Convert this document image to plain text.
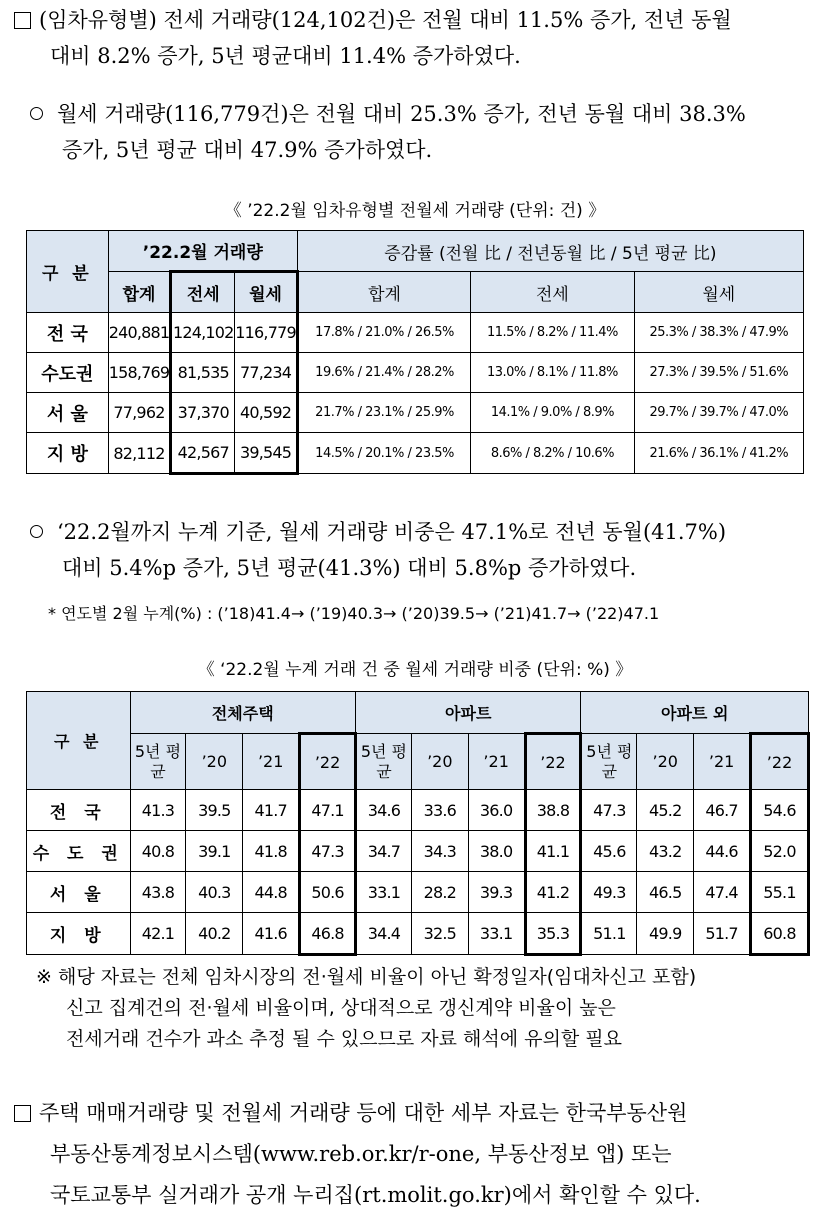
(임차유형별) 전세 거래량(124,102건)은 전월 대비 11.5% 증가, 전년 동월
대비 8.2% 증가, 5년 평균대비 11.4% 증가하였다.
월세 거래량(116,779건)은 전월 대비 25.3% 증가, 전년 동월 대비 38.3%
증가, 5년 평균 대비 47.9% 증가하였다.
《 ’22.2월 임차유형별 전월세 거래량 (단위: 건) 》
구 분	’22.2월 거래량			증감률 (전월 比 / 전년동월 比 / 5년 평균 比)		
	합계	전세	월세	합계	전세	월세
전 국	240,881	124,102	116,779	17.8% / 21.0% / 26.5%	11.5% / 8.2% / 11.4%	25.3% / 38.3% / 47.9%
수도권	158,769	81,535	77,234	19.6% / 21.4% / 28.2%	13.0% / 8.1% / 11.8%	27.3% / 39.5% / 51.6%
서 울	77,962	37,370	40,592	21.7% / 23.1% / 25.9%	14.1% / 9.0% / 8.9%	29.7% / 39.7% / 47.0%
지 방	82,112	42,567	39,545	14.5% / 20.1% / 23.5%	8.6% / 8.2% / 10.6%	21.6% / 36.1% / 41.2%
‘22.2월까지 누계 기준, 월세 거래량 비중은 47.1%로 전년 동월(41.7%)
대비 5.4%p 증가, 5년 평균(41.3%) 대비 5.8%p 증가하였다.
* 연도별 2월 누계(%) : (’18)41.4→ (’19)40.3→ (’20)39.5→ (’21)41.7→ (’22)47.1
《 ‘22.2월 누계 거래 건 중 월세 거래량 비중 (단위: %) 》
구 분	전체주택				아파트				아파트 외			
	5년 평균	’20	’21	’22	5년 평균	’20	’21	’22	5년 평균	’20	’21	’22
전 국	41.3	39.5	41.7	47.1	34.6	33.6	36.0	38.8	47.3	45.2	46.7	54.6
수 도 권	40.8	39.1	41.8	47.3	34.7	34.3	38.0	41.1	45.6	43.2	44.6	52.0
서 울	43.8	40.3	44.8	50.6	33.1	28.2	39.3	41.2	49.3	46.5	47.4	55.1
지 방	42.1	40.2	41.6	46.8	34.4	32.5	33.1	35.3	51.1	49.9	51.7	60.8
※ 해당 자료는 전체 임차시장의 전·월세 비율이 아닌 확정일자(임대차신고 포함)
신고 집계건의 전·월세 비율이며, 상대적으로 갱신계약 비율이 높은
전세거래 건수가 과소 추정 될 수 있으므로 자료 해석에 유의할 필요
주택 매매거래량 및 전월세 거래량 등에 대한 세부 자료는 한국부동산원
부동산통계정보시스템(www.reb.or.kr/r-one, 부동산정보 앱) 또는
국토교통부 실거래가 공개 누리집(rt.molit.go.kr)에서 확인할 수 있다.
